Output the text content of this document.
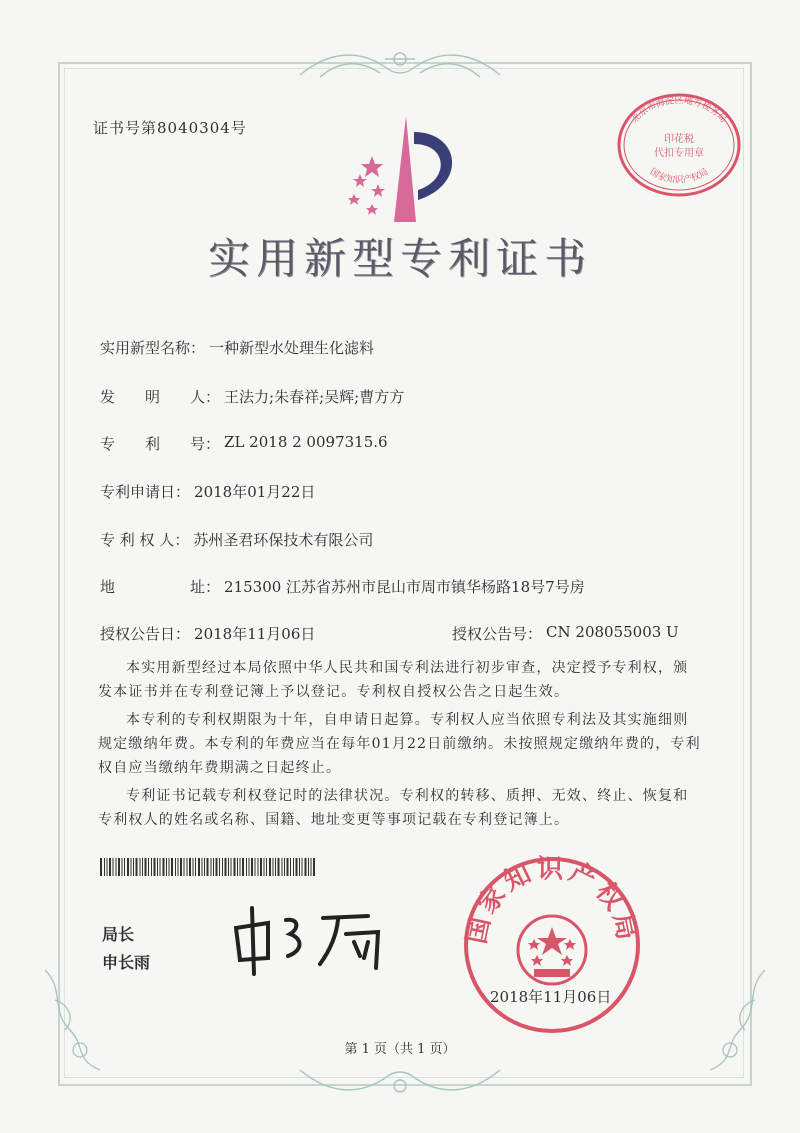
证书号第8040304号
实用新型专利证书
实用新型名称 ： 一种新型水处理生化滤料
发　　明　　人 ： 王法力;朱春祥;吴辉;曹方方
专　　利　　号 ： ZL 2018 2 0097315.6
专利申请日 ： 2018年01月22日
专 利 权 人 ： 苏州圣君环保技术有限公司
地　　　　　址 ： 215300 江苏省苏州市昆山市周市镇华杨路18号7号房
授权公告日 ： 2018年11月06日	授权公告号 ： CN 208055003 U
本实用新型经过本局依照中华人民共和国专利法进行初步审查，决定授予专利权，颁发本证书并在专利登记簿上予以登记。专利权自授权公告之日起生效。
本专利的专利权期限为十年，自申请日起算。专利权人应当依照专利法及其实施细则规定缴纳年费。本专利的年费应当在每年01月22日前缴纳。未按照规定缴纳年费的，专利权自应当缴纳年费期满之日起终止。
专利证书记载专利权登记时的法律状况。专利权的转移、质押、无效、终止、恢复和专利权人的姓名或名称、国籍、地址变更等事项记载在专利登记簿上。
局长
申长雨
北京市海淀区地方税务局
印花税
代扣专用章
国家知识产权局
国家知识产权局
2018年11月06日
第 1 页（共 1 页）
